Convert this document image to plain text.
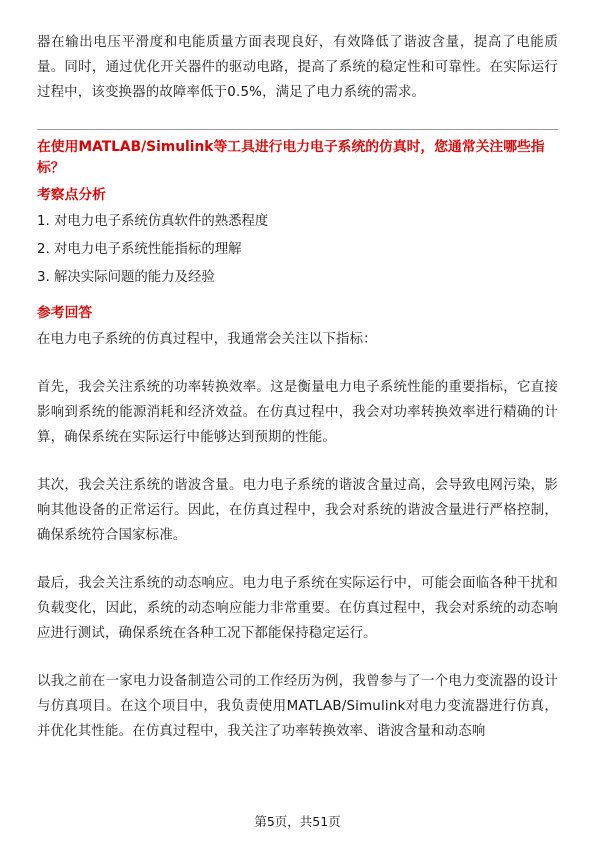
器在输出电压平滑度和电能质量方面表现良好，有效降低了谐波含量，提高了电能质量。同时，通过优化开关器件的驱动电路，提高了系统的稳定性和可靠性。在实际运行过程中，该变换器的故障率低于0.5%，满足了电力系统的需求。

在使用MATLAB/Simulink等工具进行电力电子系统的仿真时，您通常关注哪些指标？

考察点分析

1. 对电力电子系统仿真软件的熟悉程度
2. 对电力电子系统性能指标的理解
3. 解决实际问题的能力及经验

参考回答

在电力电子系统的仿真过程中，我通常会关注以下指标：

首先，我会关注系统的功率转换效率。这是衡量电力电子系统性能的重要指标，它直接影响到系统的能源消耗和经济效益。在仿真过程中，我会对功率转换效率进行精确的计算，确保系统在实际运行中能够达到预期的性能。

其次，我会关注系统的谐波含量。电力电子系统的谐波含量过高，会导致电网污染，影响其他设备的正常运行。因此，在仿真过程中，我会对系统的谐波含量进行严格控制，确保系统符合国家标准。

最后，我会关注系统的动态响应。电力电子系统在实际运行中，可能会面临各种干扰和负载变化，因此，系统的动态响应能力非常重要。在仿真过程中，我会对系统的动态响应进行测试，确保系统在各种工况下都能保持稳定运行。

以我之前在一家电力设备制造公司的工作经历为例，我曾参与了一个电力变流器的设计与仿真项目。在这个项目中，我负责使用MATLAB/Simulink对电力变流器进行仿真，并优化其性能。在仿真过程中，我关注了功率转换效率、谐波含量和动态响

第5页，共51页
